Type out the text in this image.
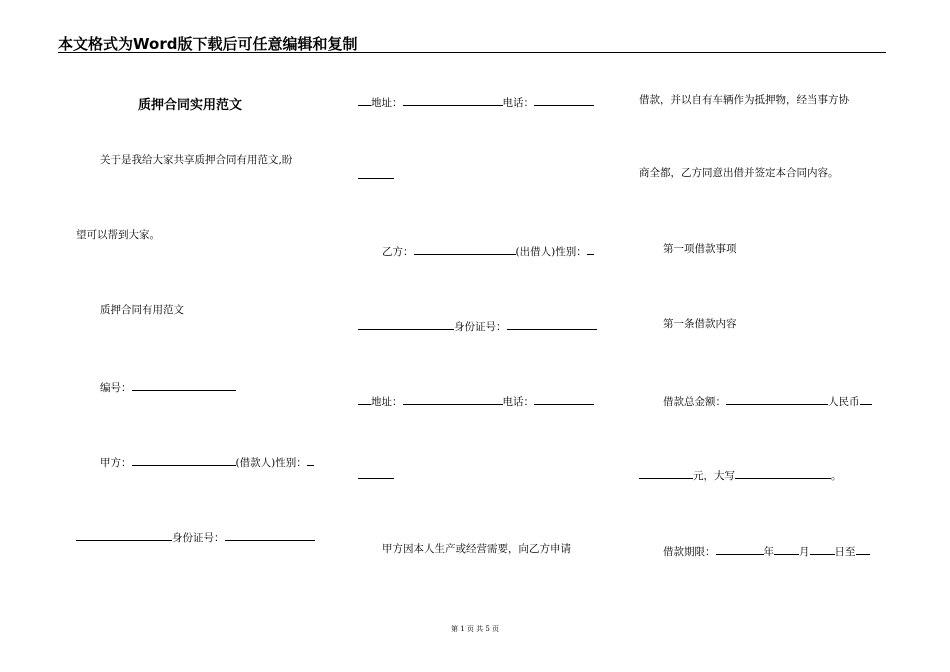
本文格式为Word版下载后可任意编辑和复制
质押合同实用范文
关于是我给大家共享质押合同有用范文,盼
望可以帮到大家。
质押合同有用范文
编号：
甲方：	(借款人)性别：
身份证号：
地址：	电话：
乙方：	(出借人)性别：
身份证号：
地址：	电话：
甲方因本人生产或经营需要，向乙方申请
借款，并以自有车辆作为抵押物，经当事方协
商全都，乙方同意出借并签定本合同内容。
第一项借款事项
第一条借款内容
借款总金额：	人民币
元，大写	。
借款期限：	年 月 日至
第 1 页 共 5 页
